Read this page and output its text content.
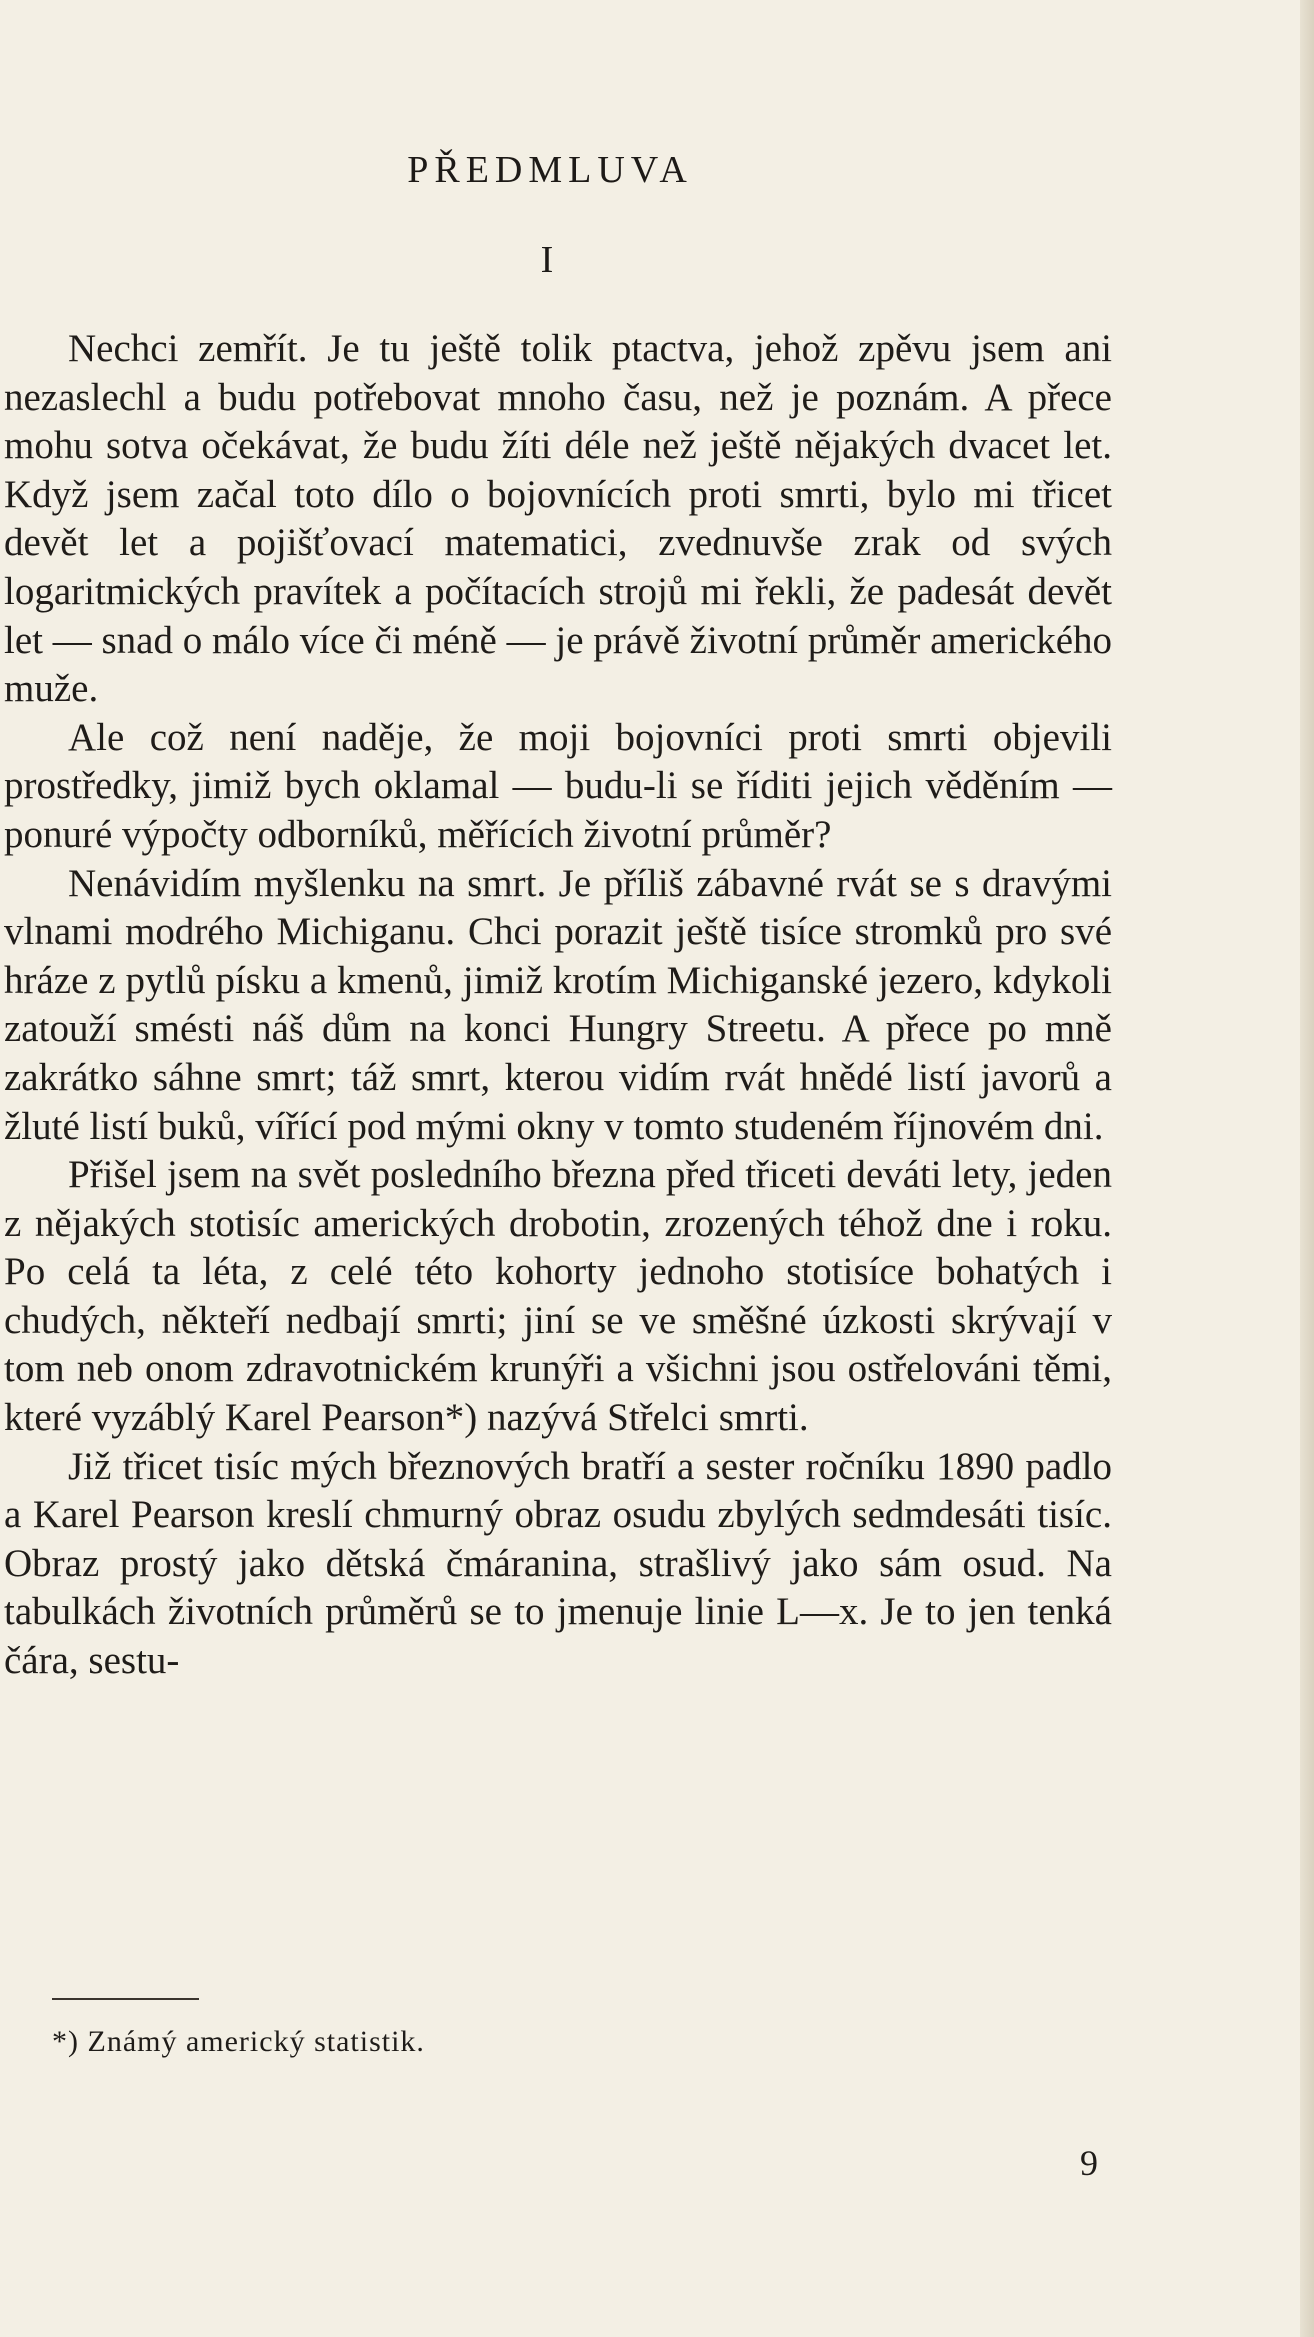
PŘEDMLUVA
I

Nechci zemřít. Je tu ještě tolik ptactva, jehož zpěvu jsem ani nezaslechl a budu potřebovat mnoho času, než je poznám. A přece mohu sotva očekávat, že budu žíti déle než ještě nějakých dvacet let. Když jsem začal toto dílo o bojovnících proti smrti, bylo mi třicet devět let a pojišťovací matematici, zvednuvše zrak od svých logaritmických pravítek a počítacích strojů mi řekli, že padesát devět let — snad o málo více či méně — je právě životní průměr amerického muže.

Ale což není naděje, že moji bojovníci proti smrti objevili prostředky, jimiž bych oklamal — budu-li se říditi jejich věděním — ponuré výpočty odborníků, měřících životní průměr?

Nenávidím myšlenku na smrt. Je příliš zábavné rvát se s dravými vlnami modrého Michiganu. Chci porazit ještě tisíce stromků pro své hráze z pytlů písku a kmenů, jimiž krotím Michiganské jezero, kdykoli zatouží smésti náš dům na konci Hungry Streetu. A přece po mně zakrátko sáhne smrt; táž smrt, kterou vidím rvát hnědé listí javorů a žluté listí buků, vířící pod mými okny v tomto studeném říjnovém dni.

Přišel jsem na svět posledního března před třiceti deváti lety, jeden z nějakých stotisíc amerických drobotin, zrozených téhož dne i roku. Po celá ta léta, z celé této kohorty jednoho stotisíce bohatých i chudých, někteří nedbají smrti; jiní se ve směšné úzkosti skrývají v tom neb onom zdravotnickém krunýři a všichni jsou ostřelováni těmi, které vyzáblý Karel Pearson*) nazývá Střelci smrti.

Již třicet tisíc mých březnových bratří a sester ročníku 1890 padlo a Karel Pearson kreslí chmurný obraz osudu zbylých sedmdesáti tisíc. Obraz prostý jako dětská čmáranina, strašlivý jako sám osud. Na tabulkách životních průměrů se to jmenuje linie L—x. Je to jen tenká čára, sestu-

*) Známý americký statistik.
9
